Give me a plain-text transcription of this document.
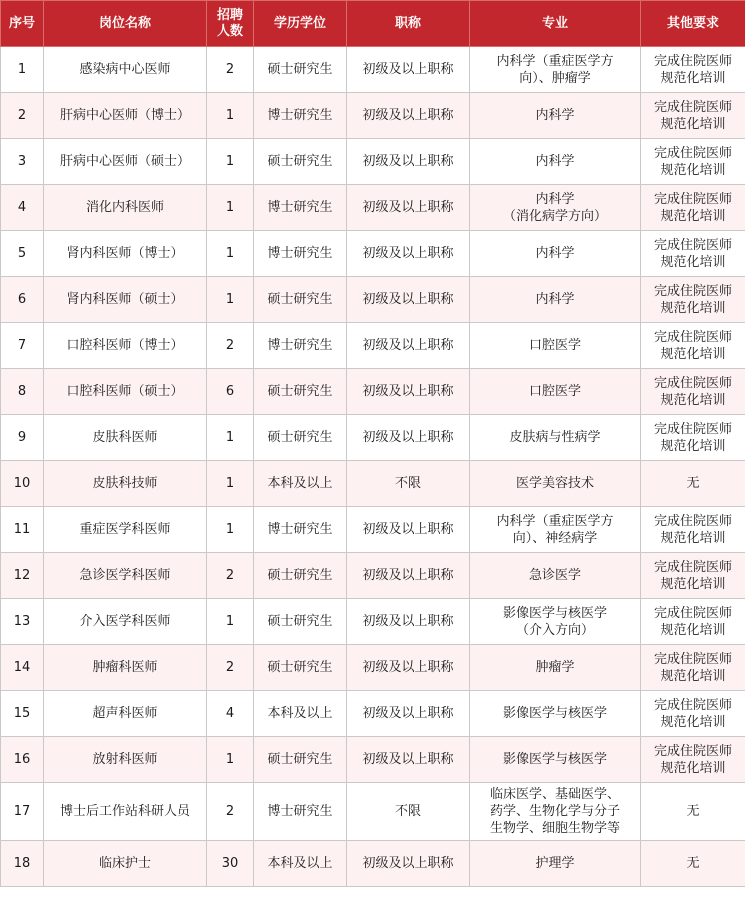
序号	岗位名称	招聘
人数	学历学位	职称	专业	其他要求
1	感染病中心医师	2	硕士研究生	初级及以上职称	内科学（重症医学方
向）、肿瘤学	完成住院医师
规范化培训
2	肝病中心医师（博士）	1	博士研究生	初级及以上职称	内科学	完成住院医师
规范化培训
3	肝病中心医师（硕士）	1	硕士研究生	初级及以上职称	内科学	完成住院医师
规范化培训
4	消化内科医师	1	博士研究生	初级及以上职称	内科学
（消化病学方向）	完成住院医师
规范化培训
5	肾内科医师（博士）	1	博士研究生	初级及以上职称	内科学	完成住院医师
规范化培训
6	肾内科医师（硕士）	1	硕士研究生	初级及以上职称	内科学	完成住院医师
规范化培训
7	口腔科医师（博士）	2	博士研究生	初级及以上职称	口腔医学	完成住院医师
规范化培训
8	口腔科医师（硕士）	6	硕士研究生	初级及以上职称	口腔医学	完成住院医师
规范化培训
9	皮肤科医师	1	硕士研究生	初级及以上职称	皮肤病与性病学	完成住院医师
规范化培训
10	皮肤科技师	1	本科及以上	不限	医学美容技术	无
11	重症医学科医师	1	博士研究生	初级及以上职称	内科学（重症医学方
向）、神经病学	完成住院医师
规范化培训
12	急诊医学科医师	2	硕士研究生	初级及以上职称	急诊医学	完成住院医师
规范化培训
13	介入医学科医师	1	硕士研究生	初级及以上职称	影像医学与核医学
（介入方向）	完成住院医师
规范化培训
14	肿瘤科医师	2	硕士研究生	初级及以上职称	肿瘤学	完成住院医师
规范化培训
15	超声科医师	4	本科及以上	初级及以上职称	影像医学与核医学	完成住院医师
规范化培训
16	放射科医师	1	硕士研究生	初级及以上职称	影像医学与核医学	完成住院医师
规范化培训
17	博士后工作站科研人员	2	博士研究生	不限	临床医学、基础医学、
药学、生物化学与分子
生物学、细胞生物学等	无
18	临床护士	30	本科及以上	初级及以上职称	护理学	无
